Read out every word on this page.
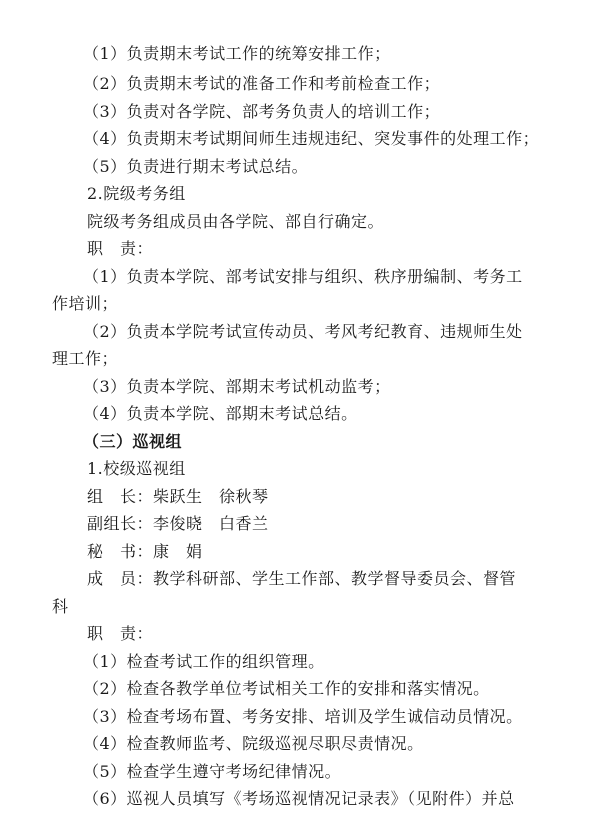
（1）负责期末考试工作的统筹安排工作；
（2）负责期末考试的准备工作和考前检查工作；
（3）负责对各学院、部考务负责人的培训工作；
（4）负责期末考试期间师生违规违纪、突发事件的处理工作；
（5）负责进行期末考试总结。
2.院级考务组
院级考务组成员由各学院、部自行确定。
职　责：
（1）负责本学院、部考试安排与组织、秩序册编制、考务工
作培训；
（2）负责本学院考试宣传动员、考风考纪教育、违规师生处
理工作；
（3）负责本学院、部期末考试机动监考；
（4）负责本学院、部期末考试总结。
（三）巡视组
1.校级巡视组
组　长：柴跃生　徐秋琴
副组长：李俊晓　白香兰
秘　书：康　娟
成　员：教学科研部、学生工作部、教学督导委员会、督管
科
职　责：
（1）检查考试工作的组织管理。
（2）检查各教学单位考试相关工作的安排和落实情况。
（3）检查考场布置、考务安排、培训及学生诚信动员情况。
（4）检查教师监考、院级巡视尽职尽责情况。
（5）检查学生遵守考场纪律情况。
（6）巡视人员填写《考场巡视情况记录表》（见附件）并总
